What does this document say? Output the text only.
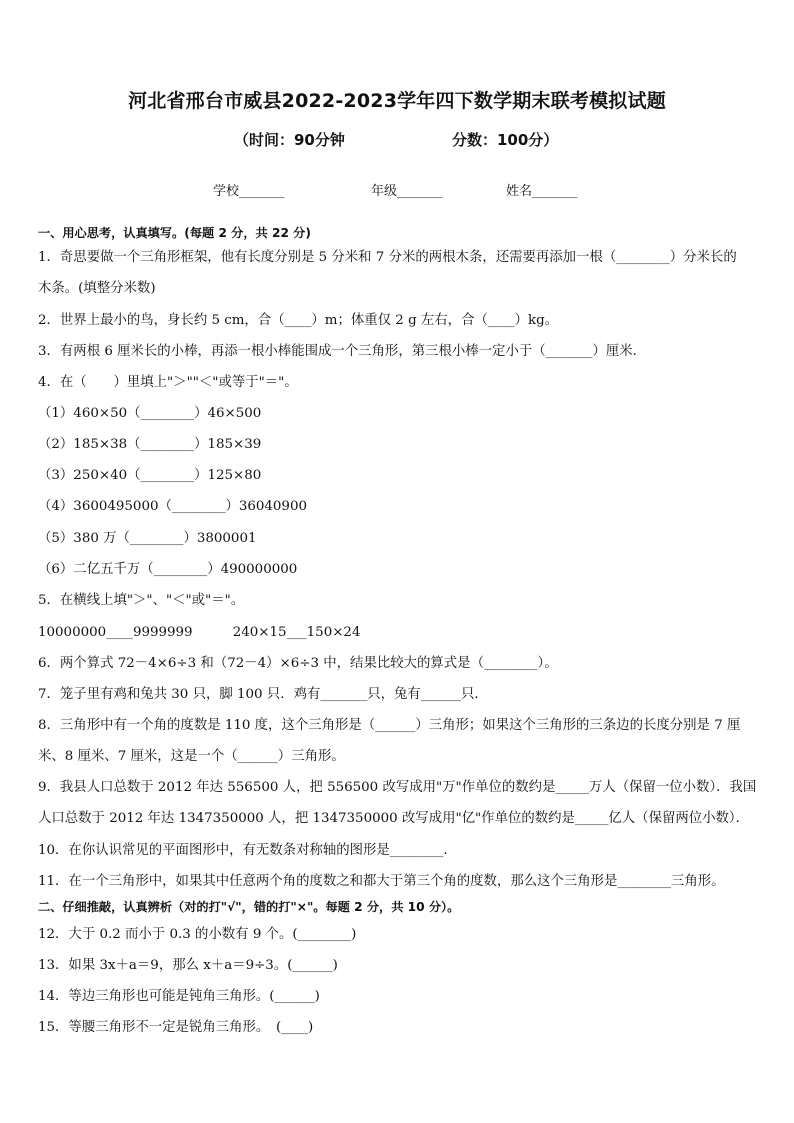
河北省邢台市威县2022-2023学年四下数学期末联考模拟试题
（时间：90分钟	分数：100分）
学校_______	年级_______	姓名_______
一、用心思考，认真填写。(每题 2 分，共 22 分)
1．奇思要做一个三角形框架，他有长度分别是 5 分米和 7 分米的两根木条，还需要再添加一根（________）分米长的
木条。(填整分米数)
2．世界上最小的鸟，身长约 5 cm，合（____）m；体重仅 2 g 左右，合（____）kg。
3．有两根 6 厘米长的小棒，再添一根小棒能围成一个三角形，第三根小棒一定小于（_______）厘米．
4．在（　　）里填上"＞""＜"或等于"＝"。
（1）460×50（________）46×500
（2）185×38（________）185×39
（3）250×40（________）125×80
（4）3600495000（________）36040900
（5）380 万（________）3800001
（6）二亿五千万（________）490000000
5．在横线上填"＞"、"＜"或"＝"。
10000000____9999999　　　240×15___150×24
6．两个算式 72－4×6÷3 和（72－4）×6÷3 中，结果比较大的算式是（________）。
7．笼子里有鸡和兔共 30 只，脚 100 只．鸡有_______只，兔有______只．
8．三角形中有一个角的度数是 110 度，这个三角形是（______）三角形；如果这个三角形的三条边的长度分别是 7 厘
米、8 厘米、7 厘米，这是一个（______）三角形。
9．我县人口总数于 2012 年达 556500 人，把 556500 改写成用"万"作单位的数约是_____万人（保留一位小数）．我国
人口总数于 2012 年达 1347350000 人，把 1347350000 改写成用"亿"作单位的数约是_____亿人（保留两位小数）．
10．在你认识常见的平面图形中，有无数条对称轴的图形是________．
11．在一个三角形中，如果其中任意两个角的度数之和都大于第三个角的度数，那么这个三角形是________三角形。
二、仔细推敲，认真辨析（对的打"√"，错的打"×"。每题 2 分，共 10 分）。
12．大于 0.2 而小于 0.3 的小数有 9 个。(________)
13．如果 3x＋a＝9，那么 x＋a＝9÷3。(______)
14．等边三角形也可能是钝角三角形。(______)
15．等腰三角形不一定是锐角三角形。　(____)
